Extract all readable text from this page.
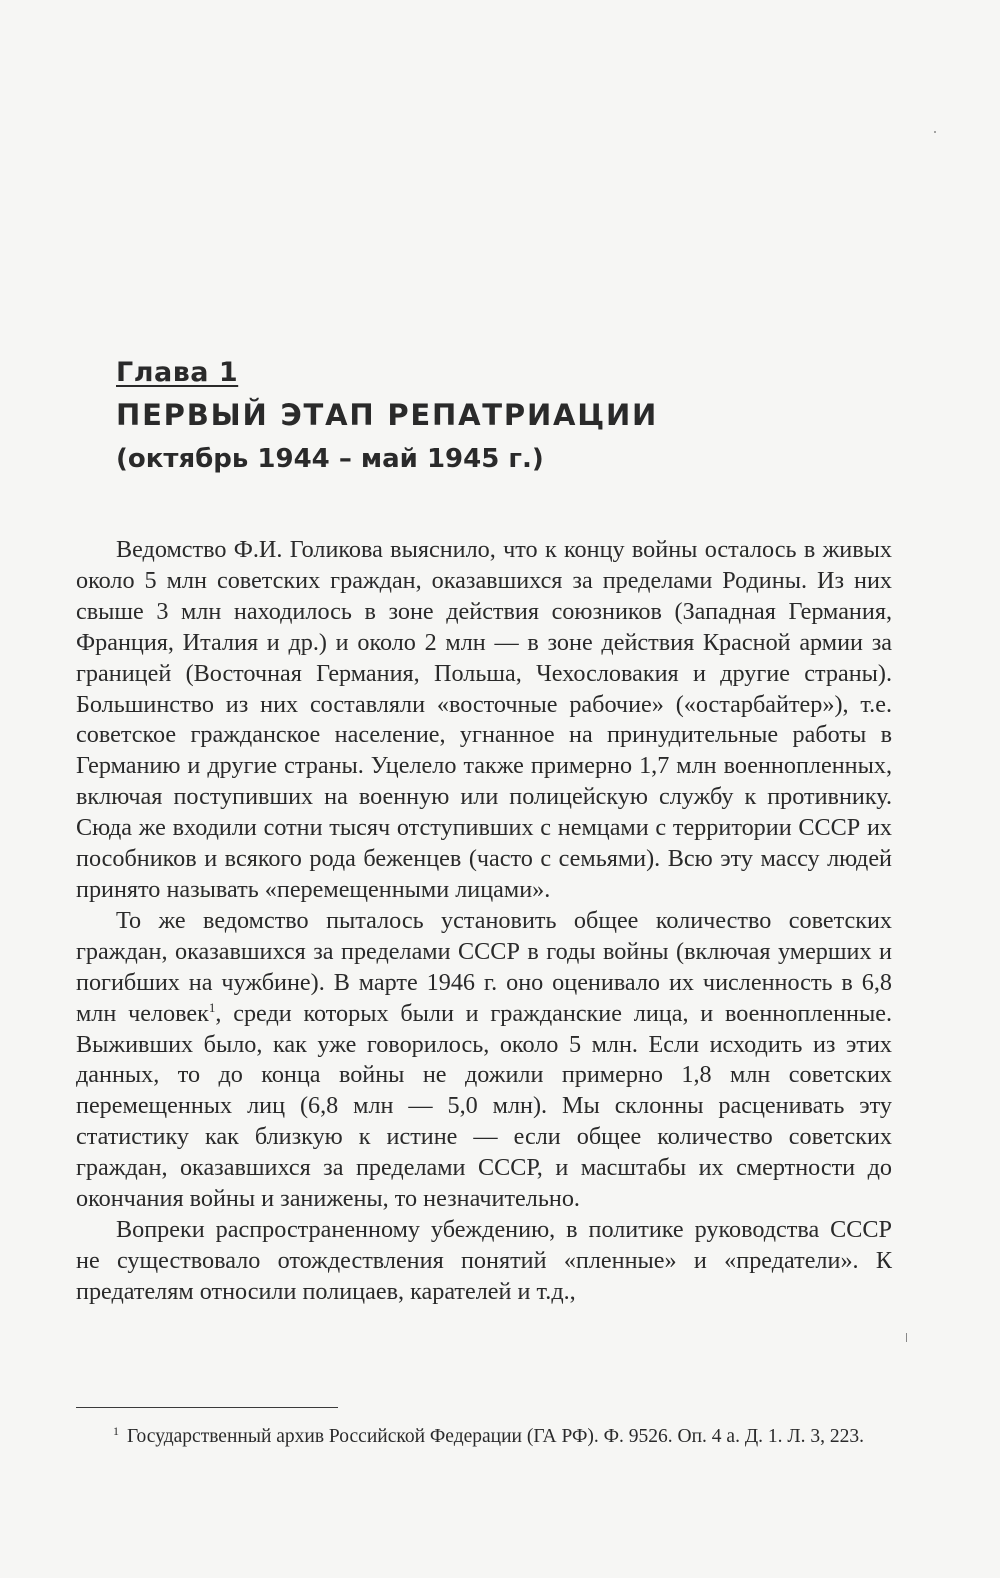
Глава 1
ПЕРВЫЙ ЭТАП РЕПАТРИАЦИИ
(октябрь 1944 – май 1945 г.)

Ведомство Ф.И. Голикова выяснило, что к концу войны осталось в живых около 5 млн советских граждан, оказавшихся за пределами Родины. Из них свыше 3 млн находилось в зоне действия союзников (Западная Германия, Франция, Италия и др.) и около 2 млн — в зоне действия Красной армии за границей (Восточная Германия, Польша, Чехословакия и другие страны). Большинство из них составляли «восточные рабочие» («остарбайтер»), т.е. советское гражданское население, угнанное на принудительные работы в Германию и другие страны. Уцелело также примерно 1,7 млн военнопленных, включая поступивших на военную или полицейскую службу к противнику. Сюда же входили сотни тысяч отступивших с немцами с территории СССР их пособников и всякого рода беженцев (часто с семьями). Всю эту массу людей принято называть «перемещенными лицами».

То же ведомство пыталось установить общее количество советских граждан, оказавшихся за пределами СССР в годы войны (включая умерших и погибших на чужбине). В марте 1946 г. оно оценивало их численность в 6,8 млн человек$^1$, среди которых были и гражданские лица, и военнопленные. Выживших было, как уже говорилось, около 5 млн. Если исходить из этих данных, то до конца войны не дожили примерно 1,8 млн советских перемещенных лиц (6,8 млн — 5,0 млн). Мы склонны расценивать эту статистику как близкую к истине — если общее количество советских граждан, оказавшихся за пределами СССР, и масштабы их смертности до окончания войны и занижены, то незначительно.

Вопреки распространенному убеждению, в политике руководства СССР не существовало отождествления понятий «пленные» и «предатели». К предателям относили полицаев, карателей и т.д.,

1 Государственный архив Российской Федерации (ГА РФ). Ф. 9526. Оп. 4 а. Д. 1. Л. 3, 223.
